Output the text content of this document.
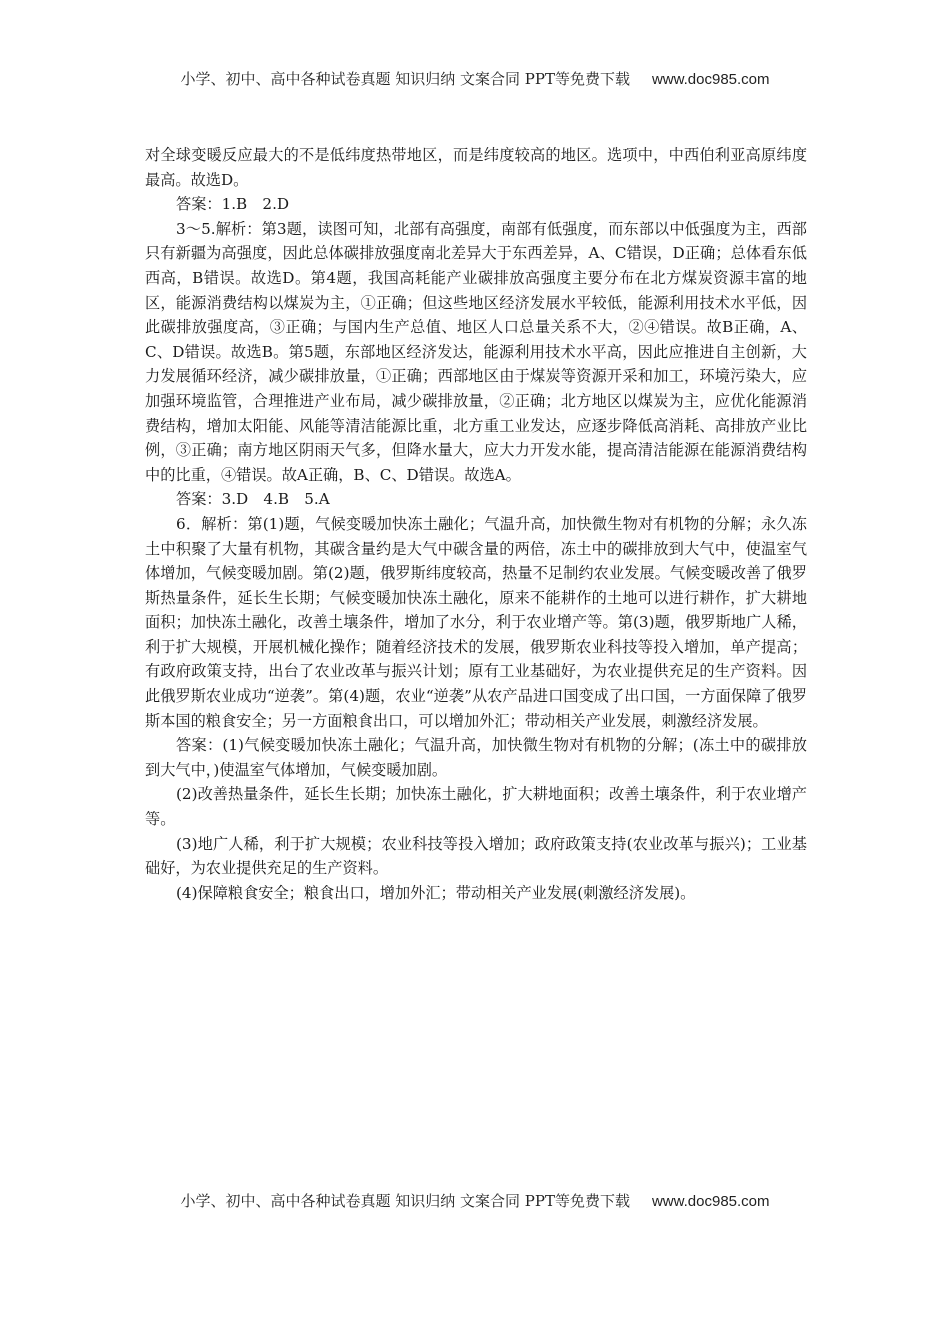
小学、初中、高中各种试卷真题 知识归纳 文案合同 PPT等免费下载 www.doc985.com

对全球变暖反应最大的不是低纬度热带地区，而是纬度较高的地区。选项中，中西伯利亚高原纬度最高。故选D。

答案：1.B　2.D

3～5.解析：第3题，读图可知，北部有高强度，南部有低强度，而东部以中低强度为主，西部只有新疆为高强度，因此总体碳排放强度南北差异大于东西差异，A、C错误，D正确；总体看东低西高，B错误。故选D。第4题，我国高耗能产业碳排放高强度主要分布在北方煤炭资源丰富的地区，能源消费结构以煤炭为主，①正确；但这些地区经济发展水平较低，能源利用技术水平低，因此碳排放强度高，③正确；与国内生产总值、地区人口总量关系不大，②④错误。故B正确，A、C、D错误。故选B。第5题，东部地区经济发达，能源利用技术水平高，因此应推进自主创新，大力发展循环经济，减少碳排放量，①正确；西部地区由于煤炭等资源开采和加工，环境污染大，应加强环境监管，合理推进产业布局，减少碳排放量，②正确；北方地区以煤炭为主，应优化能源消费结构，增加太阳能、风能等清洁能源比重，北方重工业发达，应逐步降低高消耗、高排放产业比例，③正确；南方地区阴雨天气多，但降水量大，应大力开发水能，提高清洁能源在能源消费结构中的比重，④错误。故A正确，B、C、D错误。故选A。

答案：3.D　4.B　5.A

6．解析：第(1)题，气候变暖加快冻土融化；气温升高，加快微生物对有机物的分解；永久冻土中积聚了大量有机物，其碳含量约是大气中碳含量的两倍，冻土中的碳排放到大气中，使温室气体增加，气候变暖加剧。第(2)题，俄罗斯纬度较高，热量不足制约农业发展。气候变暖改善了俄罗斯热量条件，延长生长期；气候变暖加快冻土融化，原来不能耕作的土地可以进行耕作，扩大耕地面积；加快冻土融化，改善土壤条件，增加了水分，利于农业增产等。第(3)题，俄罗斯地广人稀，利于扩大规模，开展机械化操作；随着经济技术的发展，俄罗斯农业科技等投入增加，单产提高；有政府政策支持，出台了农业改革与振兴计划；原有工业基础好，为农业提供充足的生产资料。因此俄罗斯农业成功“逆袭”。第(4)题，农业“逆袭”从农产品进口国变成了出口国，一方面保障了俄罗斯本国的粮食安全；另一方面粮食出口，可以增加外汇；带动相关产业发展，刺激经济发展。

答案：(1)气候变暖加快冻土融化；气温升高，加快微生物对有机物的分解；(冻土中的碳排放到大气中，)使温室气体增加，气候变暖加剧。

(2)改善热量条件，延长生长期；加快冻土融化，扩大耕地面积；改善土壤条件，利于农业增产等。

(3)地广人稀，利于扩大规模；农业科技等投入增加；政府政策支持(农业改革与振兴)；工业基础好，为农业提供充足的生产资料。

(4)保障粮食安全；粮食出口，增加外汇；带动相关产业发展(刺激经济发展)。

小学、初中、高中各种试卷真题 知识归纳 文案合同 PPT等免费下载 www.doc985.com
